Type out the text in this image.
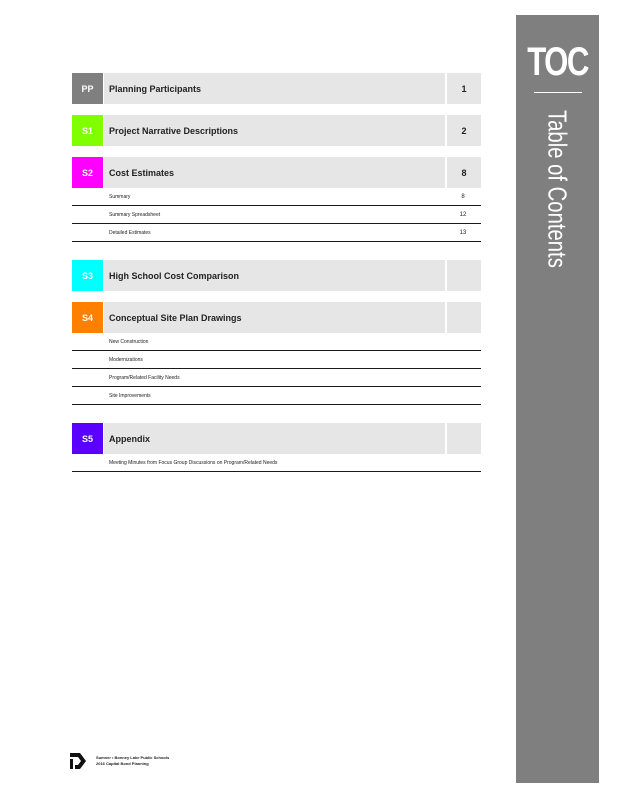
TOC
Table of Contents
PP	Planning Participants	1
S1	Project Narrative Descriptions	2
S2	Cost Estimates	8
Summary	8
Summary Spreadsheet	12
Detailed Estimates	13
S3	High School Cost Comparison
S4	Conceptual Site Plan Drawings
New Construction
Modernizations
Program/Related Facility Needs
Site Improvements
S5	Appendix
Meeting Minutes from Focus Group Discussions on Program/Related Needs
Sumner • Bonney Lake Public Schools
2016 Capital Bond Planning
